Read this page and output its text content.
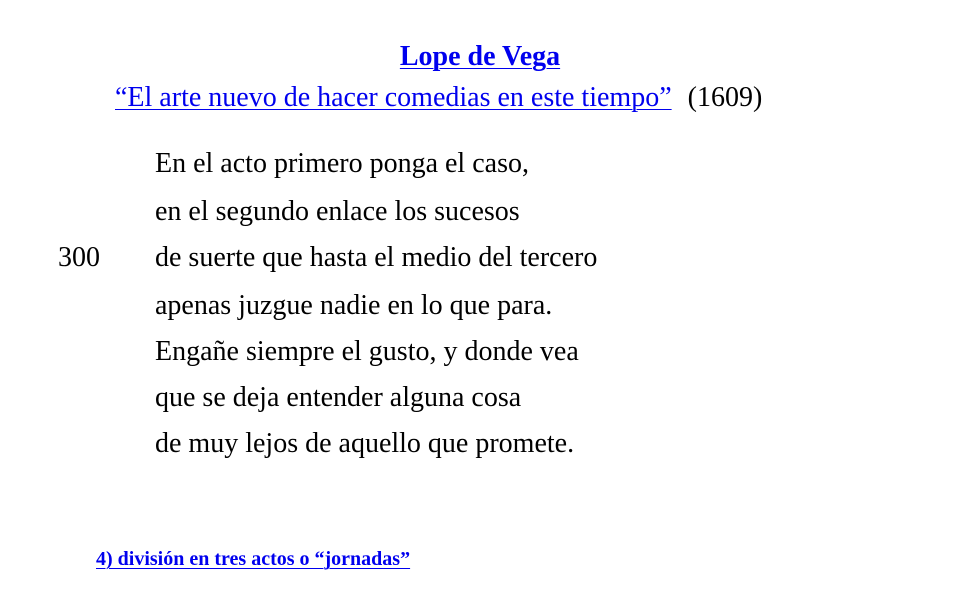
Lope de Vega
“El arte nuevo de hacer comedias en este tiempo” (1609)
En el acto primero ponga el caso,
en el segundo enlace los sucesos
300 de suerte que hasta el medio del tercero
apenas juzgue nadie en lo que para.
Engañe siempre el gusto, y donde vea
que se deja entender alguna cosa
de muy lejos de aquello que promete.
4) división en tres actos o “jornadas”
